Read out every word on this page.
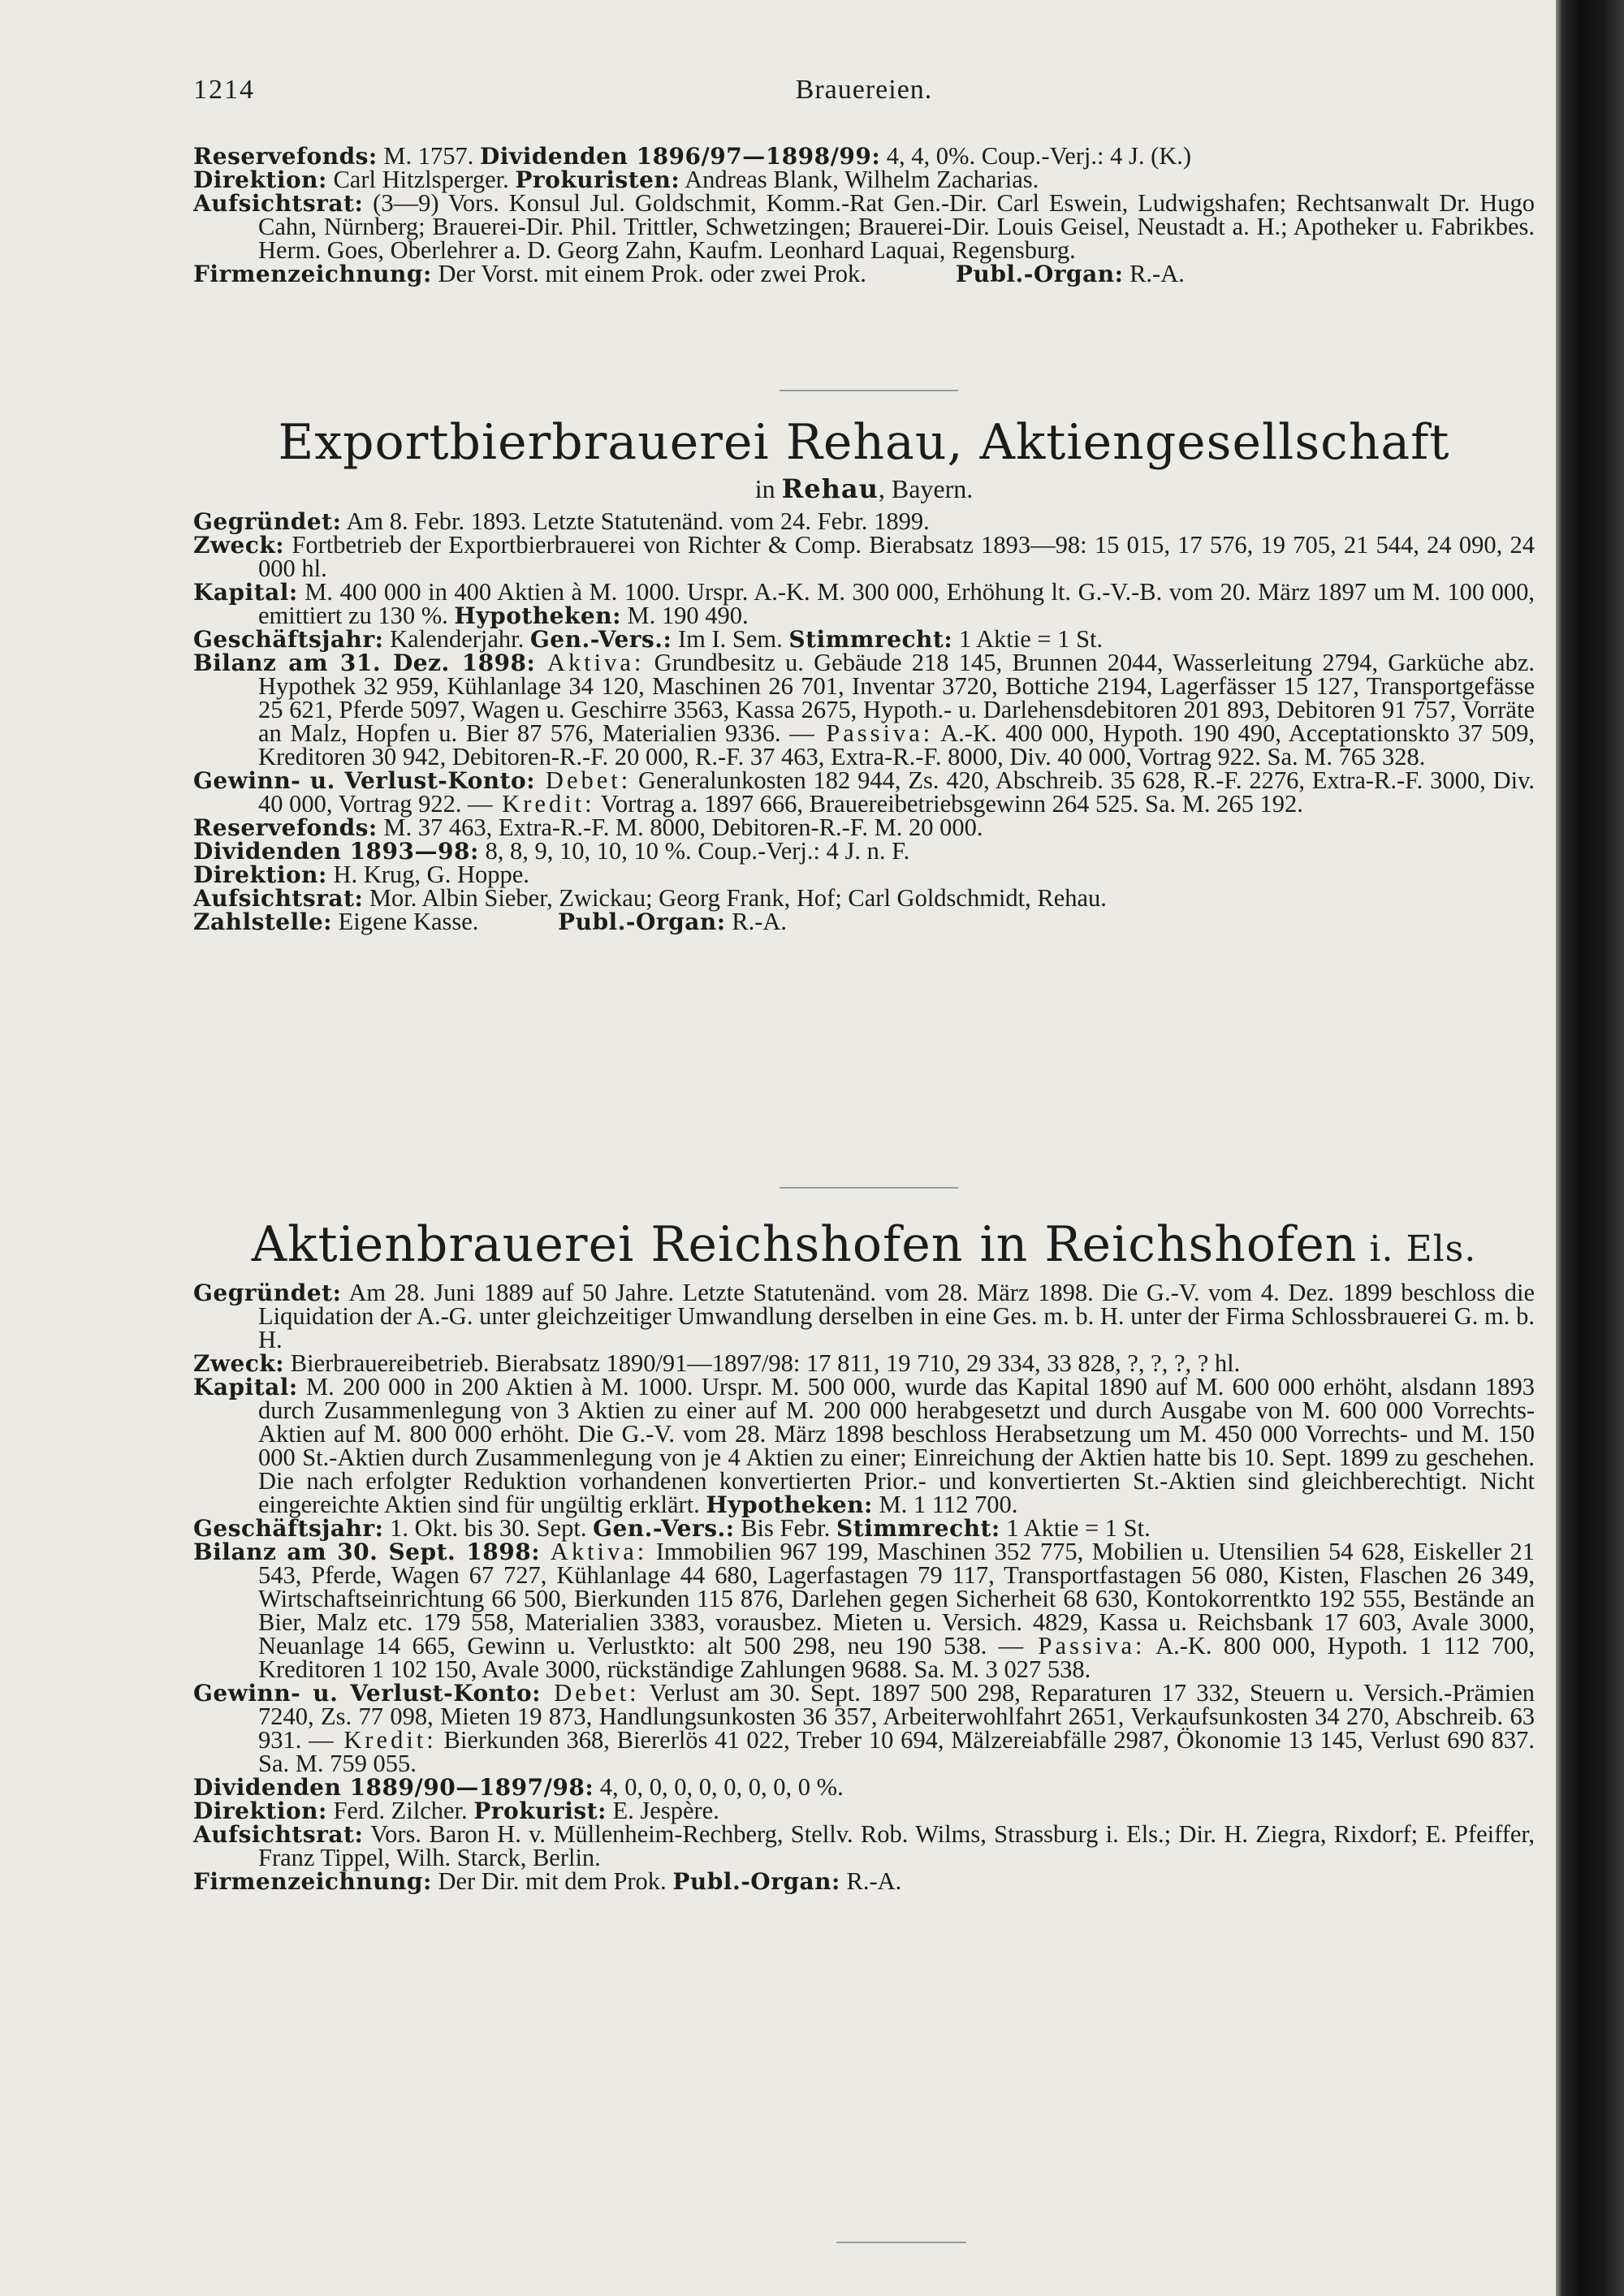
1214	Brauereien.

Reservefonds: M. 1757. Dividenden 1896/97—1898/99: 4, 4, 0%. Coup.-Verj.: 4 J. (K.)

Direktion: Carl Hitzlsperger. Prokuristen: Andreas Blank, Wilhelm Zacharias.

Aufsichtsrat: (3—9) Vors. Konsul Jul. Goldschmit, Komm.-Rat Gen.-Dir. Carl Eswein, Ludwigshafen; Rechtsanwalt Dr. Hugo Cahn, Nürnberg; Brauerei-Dir. Phil. Trittler, Schwetzingen; Brauerei-Dir. Louis Geisel, Neustadt a. H.; Apotheker u. Fabrikbes. Herm. Goes, Oberlehrer a. D. Georg Zahn, Kaufm. Leonhard Laquai, Regensburg.

Firmenzeichnung: Der Vorst. mit einem Prok. oder zwei Prok.	Publ.-Organ: R.-A.

Exportbierbrauerei Rehau, Aktiengesellschaft
in Rehau, Bayern.

Gegründet: Am 8. Febr. 1893. Letzte Statutenänd. vom 24. Febr. 1899.

Zweck: Fortbetrieb der Exportbierbrauerei von Richter & Comp. Bierabsatz 1893—98: 15 015, 17 576, 19 705, 21 544, 24 090, 24 000 hl.

Kapital: M. 400 000 in 400 Aktien à M. 1000. Urspr. A.-K. M. 300 000, Erhöhung lt. G.-V.-B. vom 20. März 1897 um M. 100 000, emittiert zu 130 %. Hypotheken: M. 190 490.

Geschäftsjahr: Kalenderjahr. Gen.-Vers.: Im I. Sem. Stimmrecht: 1 Aktie = 1 St.

Bilanz am 31. Dez. 1898: Aktiva: Grundbesitz u. Gebäude 218 145, Brunnen 2044, Wasserleitung 2794, Garküche abz. Hypothek 32 959, Kühlanlage 34 120, Maschinen 26 701, Inventar 3720, Bottiche 2194, Lagerfässer 15 127, Transportgefässe 25 621, Pferde 5097, Wagen u. Geschirre 3563, Kassa 2675, Hypoth.- u. Darlehensdebitoren 201 893, Debitoren 91 757, Vorräte an Malz, Hopfen u. Bier 87 576, Materialien 9336. — Passiva: A.-K. 400 000, Hypoth. 190 490, Acceptationskto 37 509, Kreditoren 30 942, Debitoren-R.-F. 20 000, R.-F. 37 463, Extra-R.-F. 8000, Div. 40 000, Vortrag 922. Sa. M. 765 328.

Gewinn- u. Verlust-Konto: Debet: Generalunkosten 182 944, Zs. 420, Abschreib. 35 628, R.-F. 2276, Extra-R.-F. 3000, Div. 40 000, Vortrag 922. — Kredit: Vortrag a. 1897 666, Brauereibetriebsgewinn 264 525. Sa. M. 265 192.

Reservefonds: M. 37 463, Extra-R.-F. M. 8000, Debitoren-R.-F. M. 20 000.

Dividenden 1893—98: 8, 8, 9, 10, 10, 10 %. Coup.-Verj.: 4 J. n. F.

Direktion: H. Krug, G. Hoppe.

Aufsichtsrat: Mor. Albin Sieber, Zwickau; Georg Frank, Hof; Carl Goldschmidt, Rehau.

Zahlstelle: Eigene Kasse.	Publ.-Organ: R.-A.

Aktienbrauerei Reichshofen in Reichshofen i. Els.

Gegründet: Am 28. Juni 1889 auf 50 Jahre. Letzte Statutenänd. vom 28. März 1898. Die G.-V. vom 4. Dez. 1899 beschloss die Liquidation der A.-G. unter gleichzeitiger Umwandlung derselben in eine Ges. m. b. H. unter der Firma Schlossbrauerei G. m. b. H.

Zweck: Bierbrauereibetrieb. Bierabsatz 1890/91—1897/98: 17 811, 19 710, 29 334, 33 828, ?, ?, ?, ? hl.

Kapital: M. 200 000 in 200 Aktien à M. 1000. Urspr. M. 500 000, wurde das Kapital 1890 auf M. 600 000 erhöht, alsdann 1893 durch Zusammenlegung von 3 Aktien zu einer auf M. 200 000 herabgesetzt und durch Ausgabe von M. 600 000 Vorrechts-Aktien auf M. 800 000 erhöht. Die G.-V. vom 28. März 1898 beschloss Herabsetzung um M. 450 000 Vorrechts- und M. 150 000 St.-Aktien durch Zusammenlegung von je 4 Aktien zu einer; Einreichung der Aktien hatte bis 10. Sept. 1899 zu geschehen. Die nach erfolgter Reduktion vorhandenen konvertierten Prior.- und konvertierten St.-Aktien sind gleichberechtigt. Nicht eingereichte Aktien sind für ungültig erklärt. Hypotheken: M. 1 112 700.

Geschäftsjahr: 1. Okt. bis 30. Sept. Gen.-Vers.: Bis Febr. Stimmrecht: 1 Aktie = 1 St.

Bilanz am 30. Sept. 1898: Aktiva: Immobilien 967 199, Maschinen 352 775, Mobilien u. Utensilien 54 628, Eiskeller 21 543, Pferde, Wagen 67 727, Kühlanlage 44 680, Lagerfastagen 79 117, Transportfastagen 56 080, Kisten, Flaschen 26 349, Wirtschaftseinrichtung 66 500, Bierkunden 115 876, Darlehen gegen Sicherheit 68 630, Kontokorrentkto 192 555, Bestände an Bier, Malz etc. 179 558, Materialien 3383, vorausbez. Mieten u. Versich. 4829, Kassa u. Reichsbank 17 603, Avale 3000, Neuanlage 14 665, Gewinn u. Verlustkto: alt 500 298, neu 190 538. — Passiva: A.-K. 800 000, Hypoth. 1 112 700, Kreditoren 1 102 150, Avale 3000, rückständige Zahlungen 9688. Sa. M. 3 027 538.

Gewinn- u. Verlust-Konto: Debet: Verlust am 30. Sept. 1897 500 298, Reparaturen 17 332, Steuern u. Versich.-Prämien 7240, Zs. 77 098, Mieten 19 873, Handlungsunkosten 36 357, Arbeiterwohlfahrt 2651, Verkaufsunkosten 34 270, Abschreib. 63 931. — Kredit: Bierkunden 368, Biererlös 41 022, Treber 10 694, Mälzereiabfälle 2987, Ökonomie 13 145, Verlust 690 837. Sa. M. 759 055.

Dividenden 1889/90—1897/98: 4, 0, 0, 0, 0, 0, 0, 0, 0 %.

Direktion: Ferd. Zilcher. Prokurist: E. Jespère.

Aufsichtsrat: Vors. Baron H. v. Müllenheim-Rechberg, Stellv. Rob. Wilms, Strassburg i. Els.; Dir. H. Ziegra, Rixdorf; E. Pfeiffer, Franz Tippel, Wilh. Starck, Berlin.

Firmenzeichnung: Der Dir. mit dem Prok. Publ.-Organ: R.-A.
